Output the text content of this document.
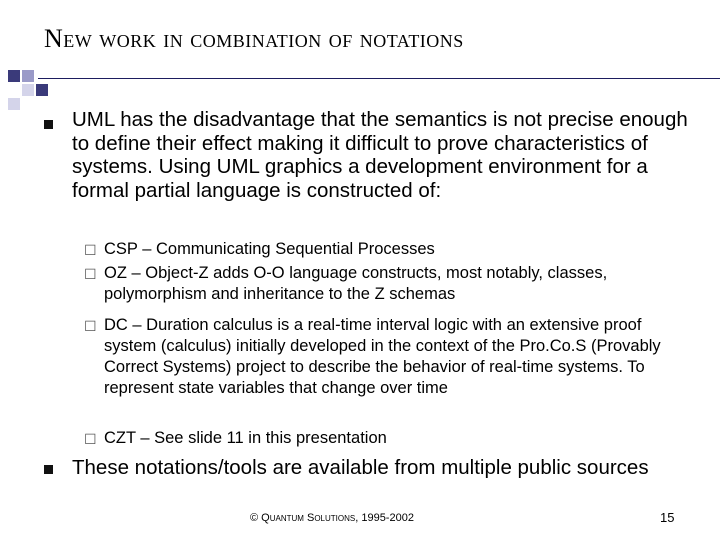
New work in combination of notations
UML has the disadvantage that the semantics is not precise enough to define their effect making it difficult to prove characteristics of systems. Using UML graphics a development environment for a formal partial language is constructed of:
☐ CSP – Communicating Sequential Processes
☐ OZ – Object-Z adds O-O language constructs, most notably, classes, polymorphism and inheritance to the Z schemas
☐ DC – Duration calculus is a real-time interval logic with an extensive proof system (calculus) initially developed in the context of the Pro.Co.S (Provably Correct Systems) project to describe the behavior of real-time systems. To represent state variables that change over time
☐ CZT – See slide 11 in this presentation
These notations/tools are available from multiple public sources
© Quantum Solutions, 1995-2002	15
